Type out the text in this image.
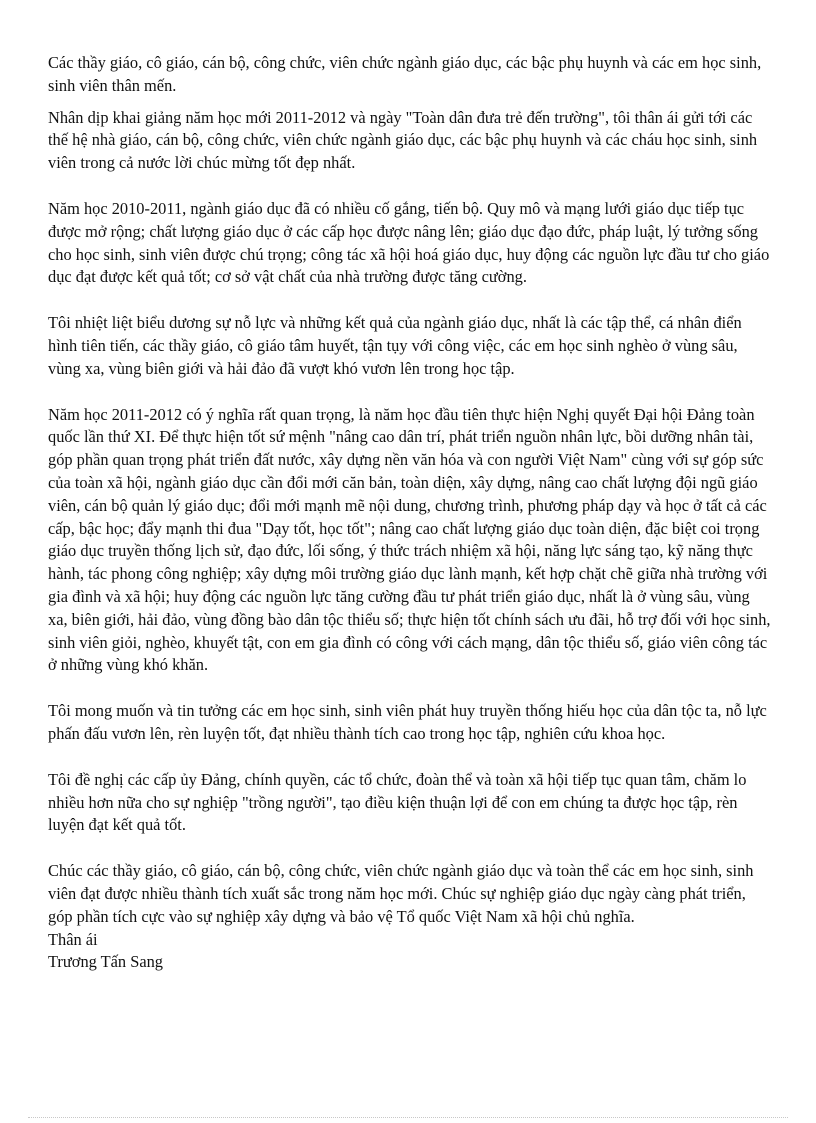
Các thầy giáo, cô giáo, cán bộ, công chức, viên chức ngành giáo dục, các bậc phụ huynh và các em học sinh, sinh viên thân mến.

Nhân dịp khai giảng năm học mới 2011-2012 và ngày "Toàn dân đưa trẻ đến trường", tôi thân ái gửi tới các thế hệ nhà giáo, cán bộ, công chức, viên chức ngành giáo dục, các bậc phụ huynh và các cháu học sinh, sinh viên trong cả nước lời chúc mừng tốt đẹp nhất.

Năm học 2010-2011, ngành giáo dục đã có nhiều cố gắng, tiến bộ. Quy mô và mạng lưới giáo dục tiếp tục được mở rộng; chất lượng giáo dục ở các cấp học được nâng lên; giáo dục đạo đức, pháp luật, lý tưởng sống cho học sinh, sinh viên được chú trọng; công tác xã hội hoá giáo dục, huy động các nguồn lực đầu tư cho giáo dục đạt được kết quả tốt; cơ sở vật chất của nhà trường được tăng cường.

Tôi nhiệt liệt biểu dương sự nỗ lực và những kết quả của ngành giáo dục, nhất là các tập thể, cá nhân điển hình tiên tiến, các thầy giáo, cô giáo tâm huyết, tận tụy với công việc, các em học sinh nghèo ở vùng sâu, vùng xa, vùng biên giới và hải đảo đã vượt khó vươn lên trong học tập.

Năm học 2011-2012 có ý nghĩa rất quan trọng, là năm học đầu tiên thực hiện Nghị quyết Đại hội Đảng toàn quốc lần thứ XI. Để thực hiện tốt sứ mệnh "nâng cao dân trí, phát triển nguồn nhân lực, bồi dưỡng nhân tài, góp phần quan trọng phát triển đất nước, xây dựng nền văn hóa và con người Việt Nam" cùng với sự góp sức của toàn xã hội, ngành giáo dục cần đổi mới căn bản, toàn diện, xây dựng, nâng cao chất lượng đội ngũ giáo viên, cán bộ quản lý giáo dục; đổi mới mạnh mẽ nội dung, chương trình, phương pháp dạy và học ở tất cả các cấp, bậc học; đẩy mạnh thi đua "Dạy tốt, học tốt"; nâng cao chất lượng giáo dục toàn diện, đặc biệt coi trọng giáo dục truyền thống lịch sử, đạo đức, lối sống, ý thức trách nhiệm xã hội, năng lực sáng tạo, kỹ năng thực hành, tác phong công nghiệp; xây dựng môi trường giáo dục lành mạnh, kết hợp chặt chẽ giữa nhà trường với gia đình và xã hội; huy động các nguồn lực tăng cường đầu tư phát triển giáo dục, nhất là ở vùng sâu, vùng xa, biên giới, hải đảo, vùng đồng bào dân tộc thiểu số; thực hiện tốt chính sách ưu đãi, hỗ trợ đối với học sinh, sinh viên giỏi, nghèo, khuyết tật, con em gia đình có công với cách mạng, dân tộc thiểu số, giáo viên công tác ở những vùng khó khăn.

Tôi mong muốn và tin tưởng các em học sinh, sinh viên phát huy truyền thống hiếu học của dân tộc ta, nỗ lực phấn đấu vươn lên, rèn luyện tốt, đạt nhiều thành tích cao trong học tập, nghiên cứu khoa học.

Tôi đề nghị các cấp ủy Đảng, chính quyền, các tổ chức, đoàn thể và toàn xã hội tiếp tục quan tâm, chăm lo nhiều hơn nữa cho sự nghiệp "trồng người", tạo điều kiện thuận lợi để con em chúng ta được học tập, rèn luyện đạt kết quả tốt.

Chúc các thầy giáo, cô giáo, cán bộ, công chức, viên chức ngành giáo dục và toàn thể các em học sinh, sinh viên đạt được nhiều thành tích xuất sắc trong năm học mới. Chúc sự nghiệp giáo dục ngày càng phát triển, góp phần tích cực vào sự nghiệp xây dựng và bảo vệ Tổ quốc Việt Nam xã hội chủ nghĩa.

Thân ái

Trương Tấn Sang
